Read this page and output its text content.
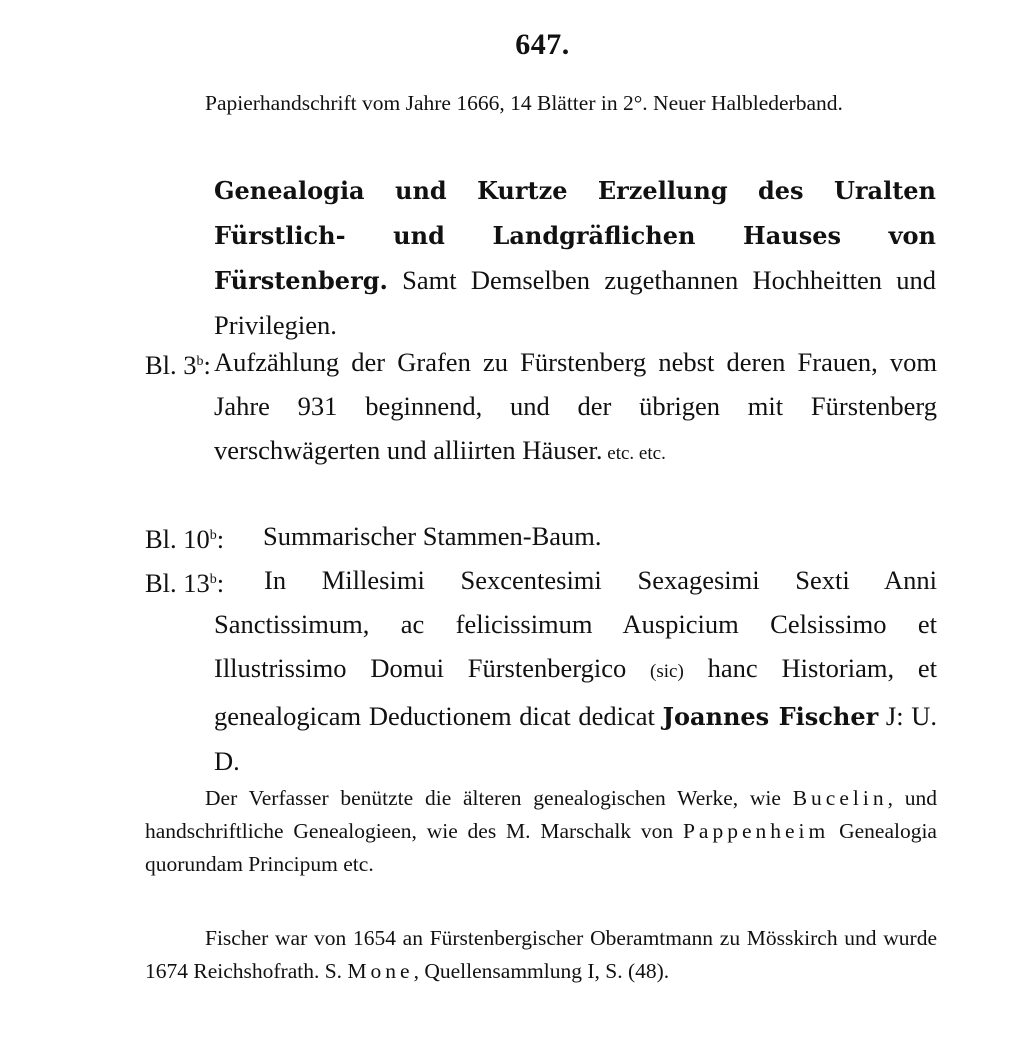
647.

Papierhandschrift vom Jahre 1666, 14 Blätter in 2°. Neuer Halblederband.

Genealogia und Kurtze Erzellung des Uralten Fürstlich- und Landgräflichen Hauses von Fürstenberg. Samt Demselben zugethannen Hochheitten und Privilegien.
Bl. 3$^b$: Aufzählung der Grafen zu Fürstenberg nebst deren Frauen, vom Jahre 931 beginnend, und der übrigen mit Fürstenberg verschwägerten und alliirten Häuser. etc. etc.
Bl. 10$^b$:	Summarischer Stammen-Baum.
Bl. 13$^b$:	In Millesimi Sexcentesimi Sexagesimi Sexti Anni Sanctissimum, ac felicissimum Auspicium Celsissimo et Illustrissimo Domui Fürstenbergico (sic) hanc Historiam, et genealogicam Deductionem dicat dedicat Joannes Fischer J: U. D.

Der Verfasser benützte die älteren genealogischen Werke, wie Bucelin, und handschriftliche Genealogieen, wie des M. Marschalk von Pappenheim Genealogia quorundam Principum etc.

Fischer war von 1654 an Fürstenbergischer Oberamtmann zu Mösskirch und wurde 1674 Reichshofrath. S. Mone, Quellensammlung I, S. (48).
